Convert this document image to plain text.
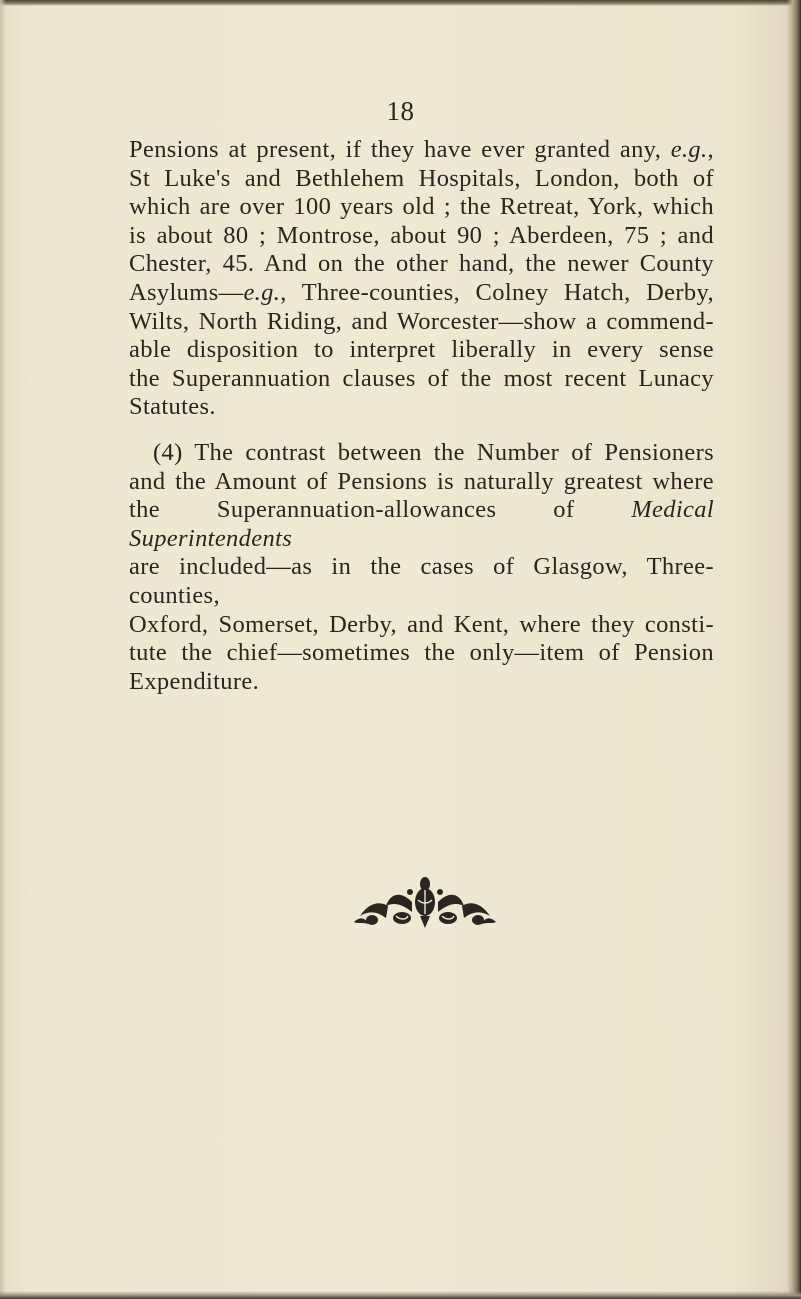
18
Pensions at present, if they have ever granted any, e.g.,
St Luke's and Bethlehem Hospitals, London, both of
which are over 100 years old ; the Retreat, York, which
is about 80 ; Montrose, about 90 ; Aberdeen, 75 ; and
Chester, 45. And on the other hand, the newer County
Asylums—e.g., Three-counties, Colney Hatch, Derby,
Wilts, North Riding, and Worcester—show a commend-
able disposition to interpret liberally in every sense
the Superannuation clauses of the most recent Lunacy
Statutes.
(4) The contrast between the Number of Pensioners
and the Amount of Pensions is naturally greatest where
the Superannuation-allowances of Medical Superintendents
are included—as in the cases of Glasgow, Three-counties,
Oxford, Somerset, Derby, and Kent, where they consti-
tute the chief—sometimes the only—item of Pension
Expenditure.
